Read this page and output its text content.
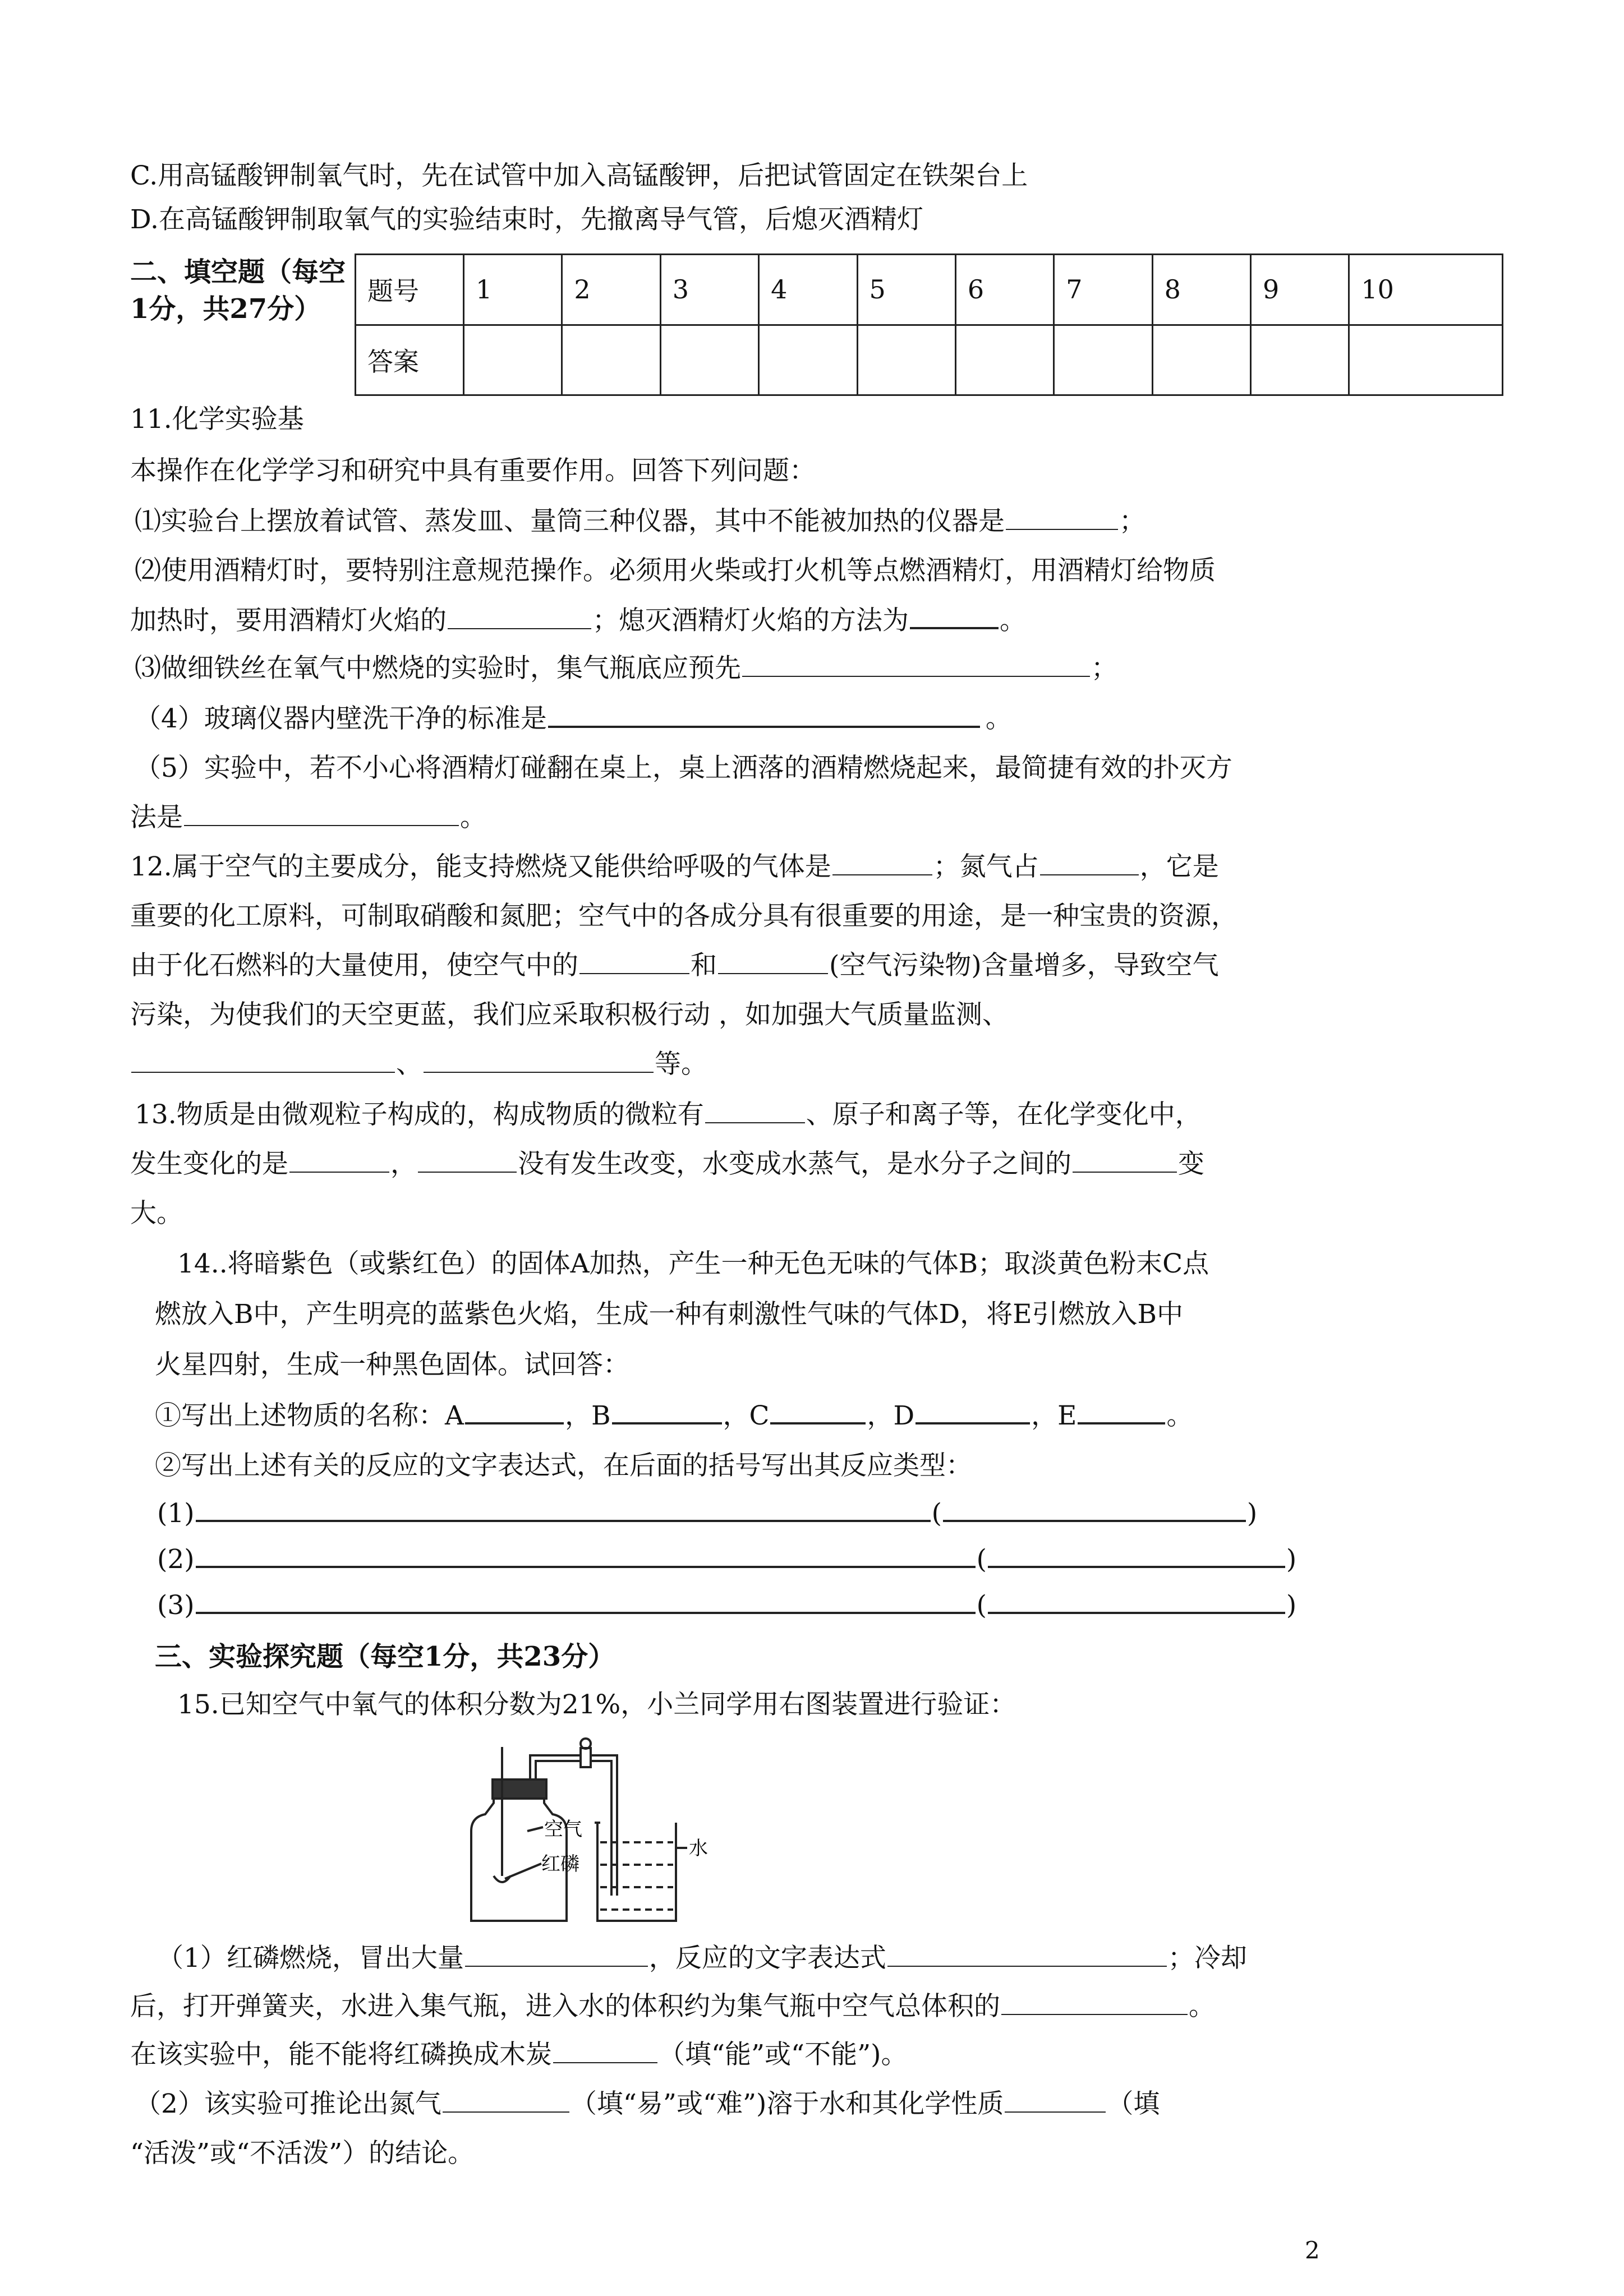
C.用高锰酸钾制氧气时，先在试管中加入高锰酸钾，后把试管固定在铁架台上
D.在高锰酸钾制取氧气的实验结束时，先撤离导气管，后熄灭酒精灯
二、填空题（每空1分，共27分）
题号	1	2	3	4	5	6	7	8	9	10
答案										
11.化学实验基
本操作在化学学习和研究中具有重要作用。回答下列问题：
⑴实验台上摆放着试管、蒸发皿、量筒三种仪器，其中不能被加热的仪器是	；
⑵使用酒精灯时，要特别注意规范操作。必须用火柴或打火机等点燃酒精灯，用酒精灯给物质
加热时，要用酒精灯火焰的	；熄灭酒精灯火焰的方法为	。
⑶做细铁丝在氧气中燃烧的实验时，集气瓶底应预先	；
（4）玻璃仪器内壁洗干净的标准是	。
（5）实验中，若不小心将酒精灯碰翻在桌上，桌上洒落的酒精燃烧起来，最简捷有效的扑灭方
法是	。
12.属于空气的主要成分，能支持燃烧又能供给呼吸的气体是	；氮气占	，它是
重要的化工原料，可制取硝酸和氮肥；空气中的各成分具有很重要的用途，是一种宝贵的资源，
由于化石燃料的大量使用，使空气中的	和	(空气污染物)含量增多，导致空气
污染，为使我们的天空更蓝，我们应采取积极行动 ，如加强大气质量监测、
、	等。
13.物质是由微观粒子构成的，构成物质的微粒有	、原子和离子等，在化学变化中，
发生变化的是	，	没有发生改变，水变成水蒸气，是水分子之间的	变
大。
14..将暗紫色（或紫红色）的固体A加热，产生一种无色无味的气体B；取淡黄色粉末C点
燃放入B中，产生明亮的蓝紫色火焰，生成一种有刺激性气味的气体D，将E引燃放入B中
火星四射，生成一种黑色固体。试回答：
①写出上述物质的名称：A	，B	，C	，D	，E	。
②写出上述有关的反应的文字表达式，在后面的括号写出其反应类型：
(1)	(	)
(2)	(	)
(3)	(	)
三、实验探究题（每空1分，共23分）
15.已知空气中氧气的体积分数为21%，小兰同学用右图装置进行验证：
空气
红磷
水
（1）红磷燃烧，冒出大量	，反应的文字表达式	；冷却
后，打开弹簧夹，水进入集气瓶，进入水的体积约为集气瓶中空气总体积的	。
在该实验中，能不能将红磷换成木炭	（填“能”或“不能”)。
（2）该实验可推论出氮气	（填“易”或“难”)溶于水和其化学性质	（填
“活泼”或“不活泼”）的结论。
2
